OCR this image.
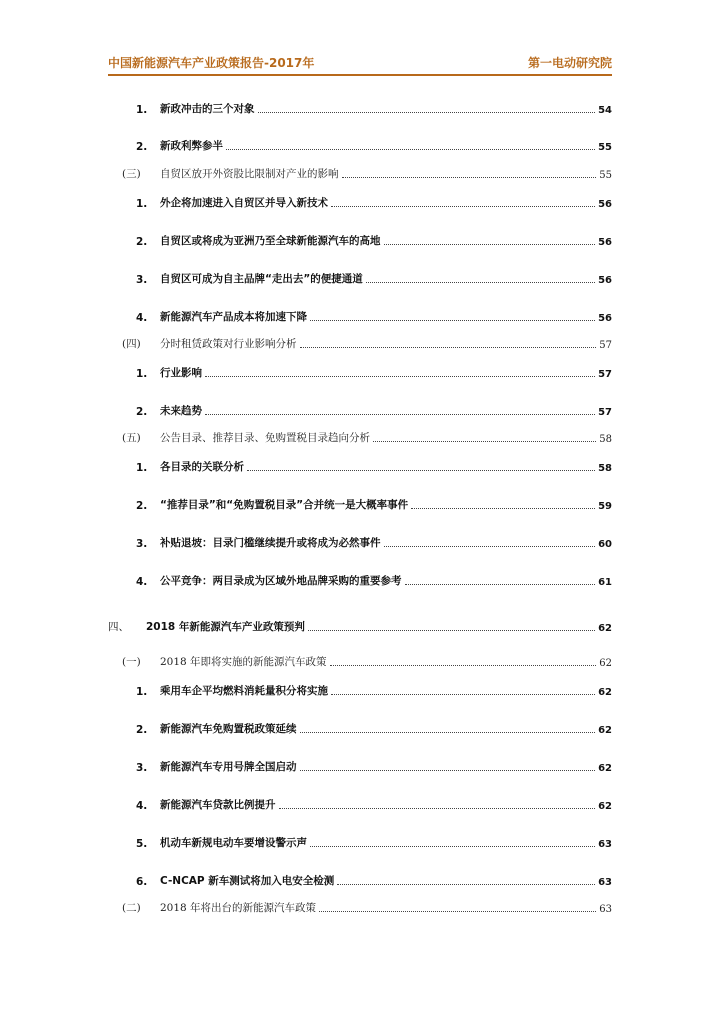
中国新能源汽车产业政策报告-2017年	第一电动研究院
1. 新政冲击的三个对象	54
2. 新政利弊参半	55
(三) 自贸区放开外资股比限制对产业的影响	55
1. 外企将加速进入自贸区并导入新技术	56
2. 自贸区或将成为亚洲乃至全球新能源汽车的高地	56
3. 自贸区可成为自主品牌“走出去”的便捷通道	56
4. 新能源汽车产品成本将加速下降	56
(四) 分时租赁政策对行业影响分析	57
1. 行业影响	57
2. 未来趋势	57
(五) 公告目录、推荐目录、免购置税目录趋向分析	58
1. 各目录的关联分析	58
2. “推荐目录”和“免购置税目录”合并统一是大概率事件	59
3. 补贴退坡：目录门槛继续提升或将成为必然事件	60
4. 公平竞争：两目录成为区域外地品牌采购的重要参考	61
四、 2018 年新能源汽车产业政策预判	62
(一) 2018 年即将实施的新能源汽车政策	62
1. 乘用车企平均燃料消耗量积分将实施	62
2. 新能源汽车免购置税政策延续	62
3. 新能源汽车专用号牌全国启动	62
4. 新能源汽车贷款比例提升	62
5. 机动车新规电动车要增设警示声	63
6. C-NCAP 新车测试将加入电安全检测	63
(二) 2018 年将出台的新能源汽车政策	63
